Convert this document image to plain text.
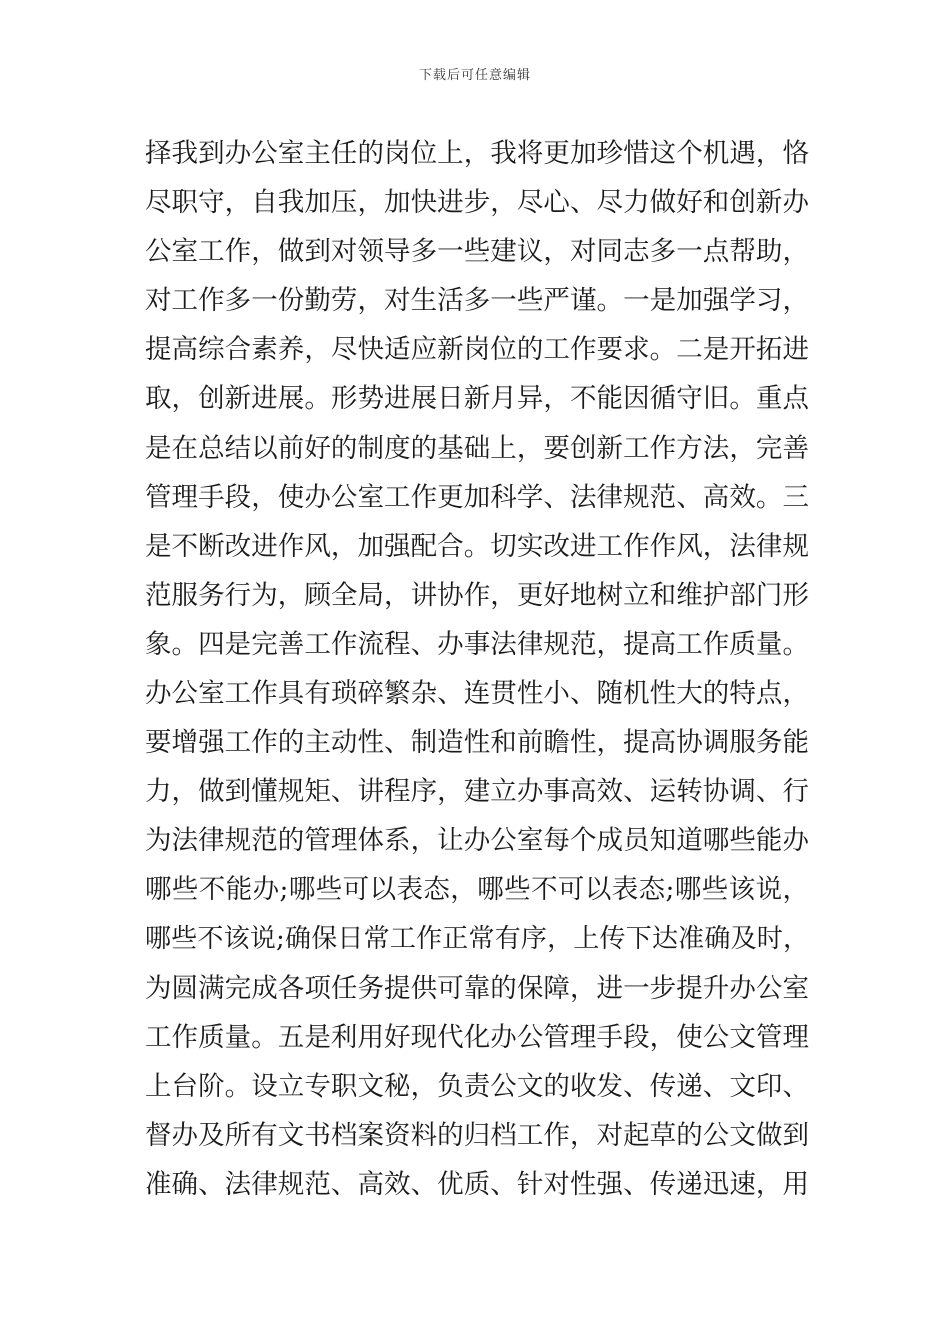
下载后可任意编辑
择我到办公室主任的岗位上，我将更加珍惜这个机遇，恪
尽职守，自我加压，加快进步，尽心、尽力做好和创新办
公室工作，做到对领导多一些建议，对同志多一点帮助，
对工作多一份勤劳，对生活多一些严谨。一是加强学习，
提高综合素养，尽快适应新岗位的工作要求。二是开拓进
取，创新进展。形势进展日新月异，不能因循守旧。重点
是在总结以前好的制度的基础上，要创新工作方法，完善
管理手段，使办公室工作更加科学、法律规范、高效。三
是不断改进作风，加强配合。切实改进工作作风，法律规
范服务行为，顾全局，讲协作，更好地树立和维护部门形
象。四是完善工作流程、办事法律规范，提高工作质量。
办公室工作具有琐碎繁杂、连贯性小、随机性大的特点，
要增强工作的主动性、制造性和前瞻性，提高协调服务能
力，做到懂规矩、讲程序，建立办事高效、运转协调、行
为法律规范的管理体系，让办公室每个成员知道哪些能办
哪些不能办;哪些可以表态，哪些不可以表态;哪些该说，
哪些不该说;确保日常工作正常有序，上传下达准确及时，
为圆满完成各项任务提供可靠的保障，进一步提升办公室
工作质量。五是利用好现代化办公管理手段，使公文管理
上台阶。设立专职文秘，负责公文的收发、传递、文印、
督办及所有文书档案资料的归档工作，对起草的公文做到
准确、法律规范、高效、优质、针对性强、传递迅速，用
